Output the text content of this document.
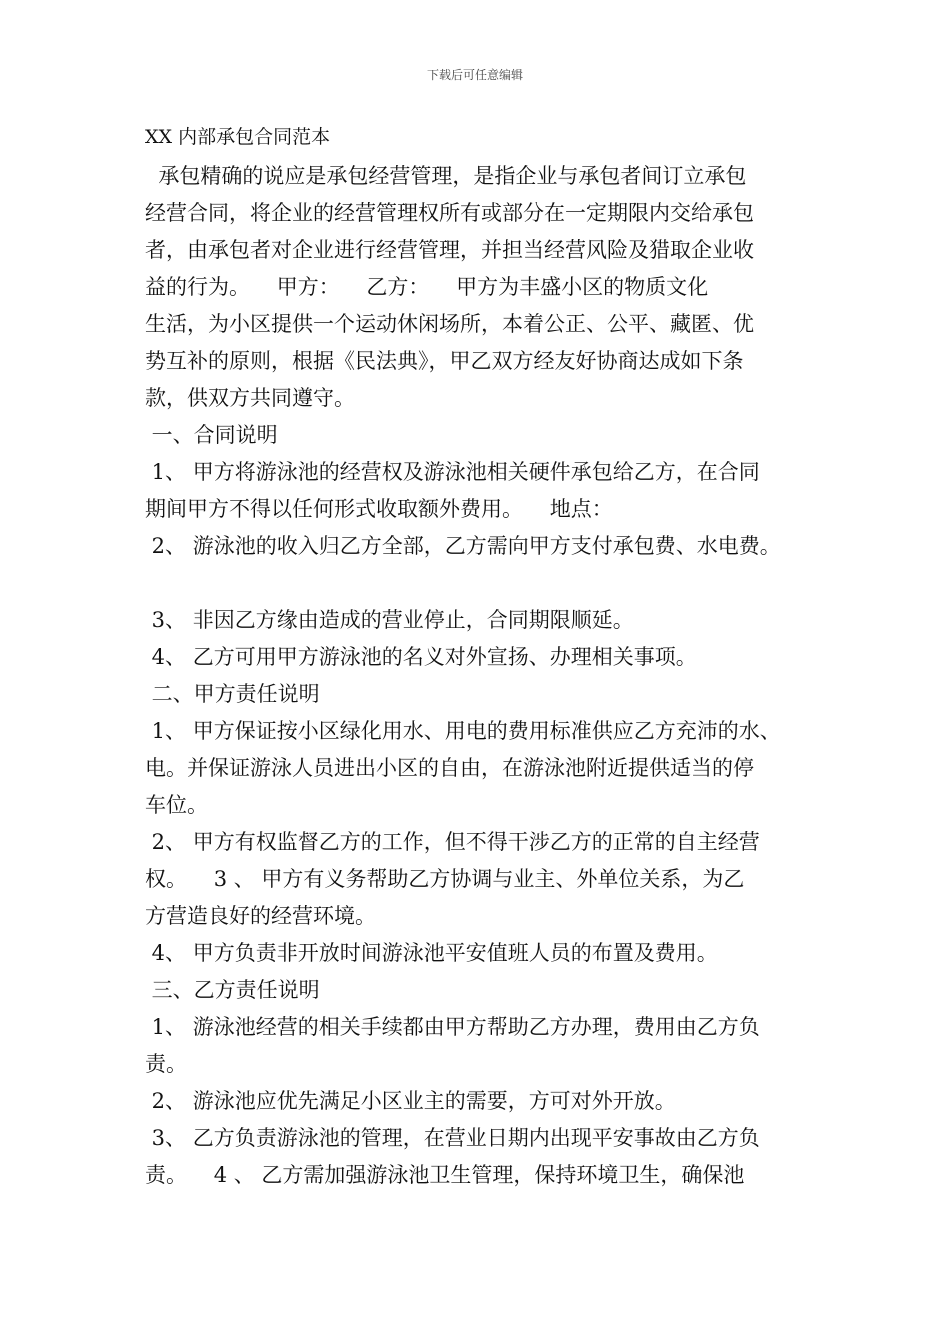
下载后可任意编辑
XX 内部承包合同范本
承包精确的说应是承包经营管理，是指企业与承包者间订立承包
经营合同，将企业的经营管理权所有或部分在一定期限内交给承包
者，由承包者对企业进行经营管理，并担当经营风险及猎取企业收
益的行为。    甲方：    乙方：    甲方为丰盛小区的物质文化
生活，为小区提供一个运动休闲场所，本着公正、公平、藏匿、优
势互补的原则，根据《民法典》，甲乙双方经友好协商达成如下条
款，供双方共同遵守。
一、合同说明
1、 甲方将游泳池的经营权及游泳池相关硬件承包给乙方，在合同
期间甲方不得以任何形式收取额外费用。    地点：
2、 游泳池的收入归乙方全部，乙方需向甲方支付承包费、水电费。
3、 非因乙方缘由造成的营业停止，合同期限顺延。
4、 乙方可用甲方游泳池的名义对外宣扬、办理相关事项。
二、甲方责任说明
1、 甲方保证按小区绿化用水、用电的费用标准供应乙方充沛的水、
电。并保证游泳人员进出小区的自由，在游泳池附近提供适当的停
车位。
2、 甲方有权监督乙方的工作，但不得干涉乙方的正常的自主经营
权。    3 、 甲方有义务帮助乙方协调与业主、外单位关系，为乙
方营造良好的经营环境。
4、 甲方负责非开放时间游泳池平安值班人员的布置及费用。
三、乙方责任说明
1、 游泳池经营的相关手续都由甲方帮助乙方办理，费用由乙方负
责。
2、 游泳池应优先满足小区业主的需要，方可对外开放。
3、 乙方负责游泳池的管理，在营业日期内出现平安事故由乙方负
责。    4 、 乙方需加强游泳池卫生管理，保持环境卫生，确保池
